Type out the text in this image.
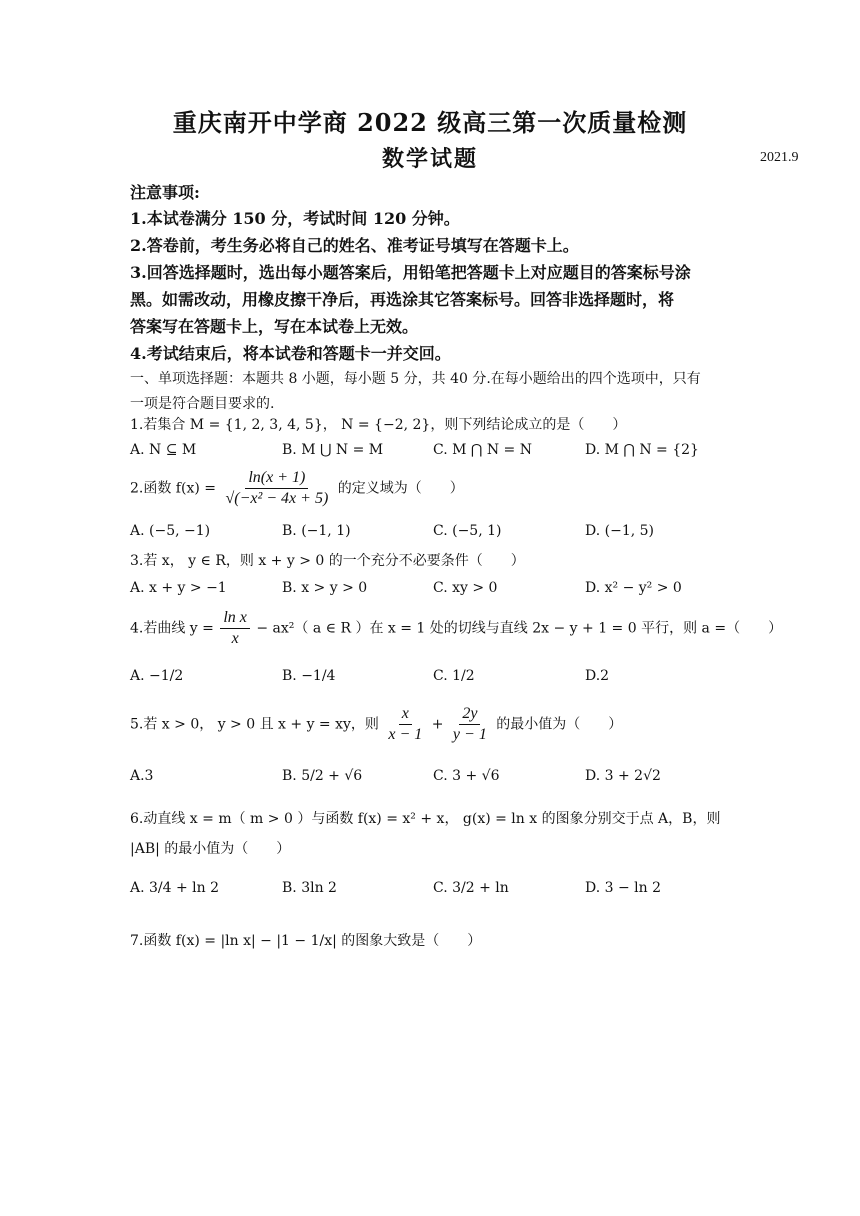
重庆南开中学商 2022 级高三第一次质量检测
数学试题	2021.9
注意事项:
1.本试卷满分 150 分，考试时间 120 分钟。
2.答卷前，考生务必将自己的姓名、准考证号填写在答题卡上。
3.回答选择题时，选出每小题答案后，用铅笔把答题卡上对应题目的答案标号涂
黑。如需改动，用橡皮擦干净后，再选涂其它答案标号。回答非选择题时，将
答案写在答题卡上，写在本试卷上无效。
4.考试结束后，将本试卷和答题卡一并交回。
一、单项选择题：本题共 8 小题，每小题 5 分，共 40 分.在每小题给出的四个选项中，只有
一项是符合题目要求的.
1.若集合 M = {1, 2, 3, 4, 5}， N = {−2, 2}，则下列结论成立的是（　　）
A. N ⊆ M	B. M ⋃ N = M	C. M ⋂ N = N	D. M ⋂ N = {2}
2.函数 $f(x) = \frac{\ln(x + 1)}{\text{√(−x² − 4x + 5)}}$ 的定义域为（　　）
A. (−5, −1)	B. (−1, 1)	C. (−5, 1)	D. (−1, 5)
3.若 x， y ∈ R，则 x + y > 0 的一个充分不必要条件（　　）
A. x + y > −1	B. x > y > 0	C. xy > 0	D. x² − y² > 0
4.若曲线 $y = \frac{\text{ln x}}{x} - ax^2$（ a ∈ R ）在 x = 1 处的切线与直线 2x − y + 1 = 0 平行，则 a =（　　）
A. −1/2	B. −1/4	C. 1/2	D.2
5.若 x > 0， y > 0 且 x + y = xy，则 $\frac{x}{x - 1} + \frac{2y}{y - 1}$ 的最小值为（　　）
A.3	B. 5/2 + √6	C. 3 + √6	D. 3 + 2√2
6.动直线 x = m（ m > 0 ）与函数 f(x) = x² + x， g(x) = ln x 的图象分别交于点 A，B，则
|AB| 的最小值为（　　）
A. 3/4 + ln 2	B. 3ln 2	C. 3/2 + ln	D. 3 − ln 2
7.函数 f(x) = |ln x| − |1 − 1/x| 的图象大致是（　　）
